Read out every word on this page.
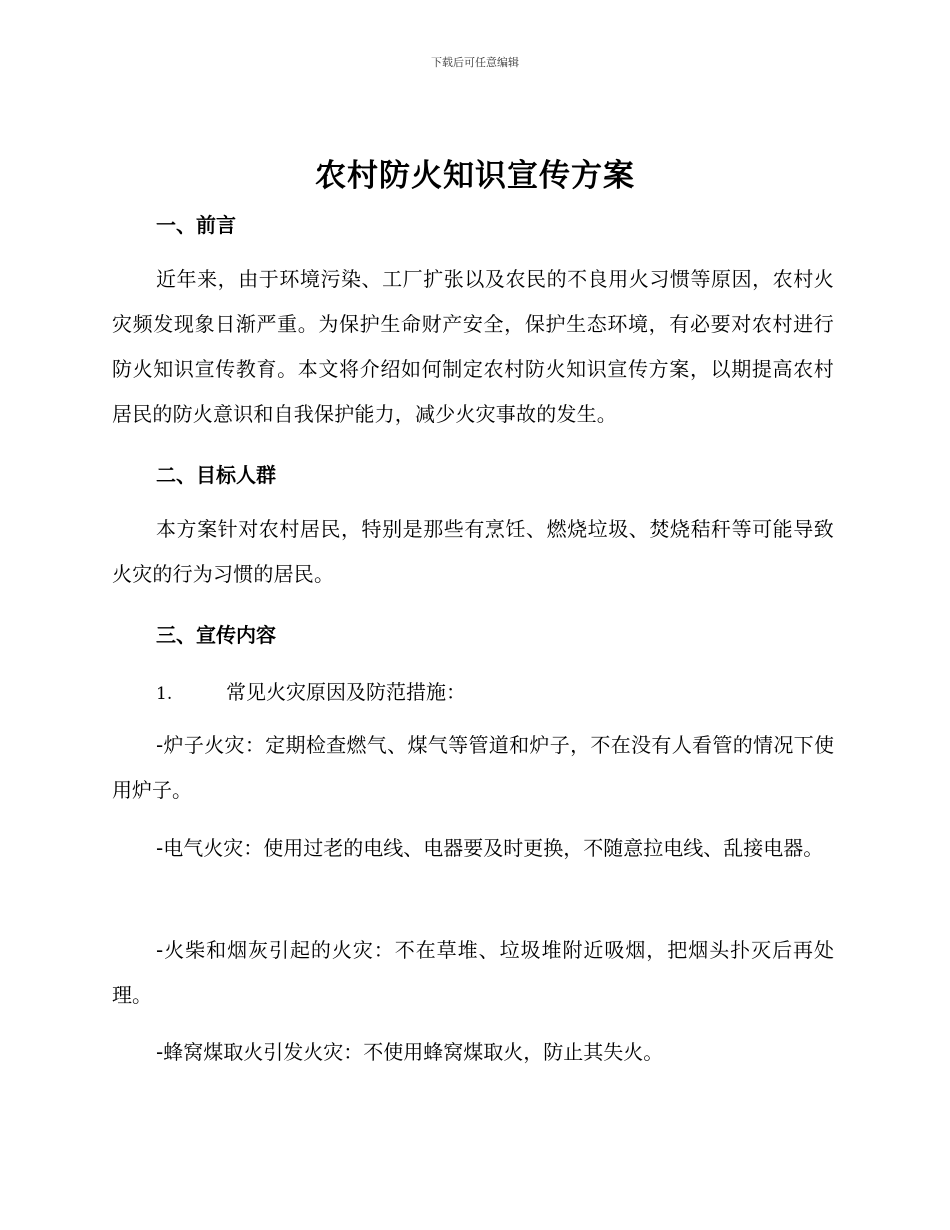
下载后可任意编辑
农村防火知识宣传方案
一、前言
近年来，由于环境污染、工厂扩张以及农民的不良用火习惯等原因，农村火灾频发现象日渐严重。为保护生命财产安全，保护生态环境，有必要对农村进行防火知识宣传教育。本文将介绍如何制定农村防火知识宣传方案，以期提高农村居民的防火意识和自我保护能力，减少火灾事故的发生。
二、目标人群
本方案针对农村居民，特别是那些有烹饪、燃烧垃圾、焚烧秸秆等可能导致火灾的行为习惯的居民。
三、宣传内容
1.	常见火灾原因及防范措施：
-炉子火灾：定期检查燃气、煤气等管道和炉子，不在没有人看管的情况下使用炉子。
-电气火灾：使用过老的电线、电器要及时更换，不随意拉电线、乱接电器。
-火柴和烟灰引起的火灾：不在草堆、垃圾堆附近吸烟，把烟头扑灭后再处理。
-蜂窝煤取火引发火灾：不使用蜂窝煤取火，防止其失火。
